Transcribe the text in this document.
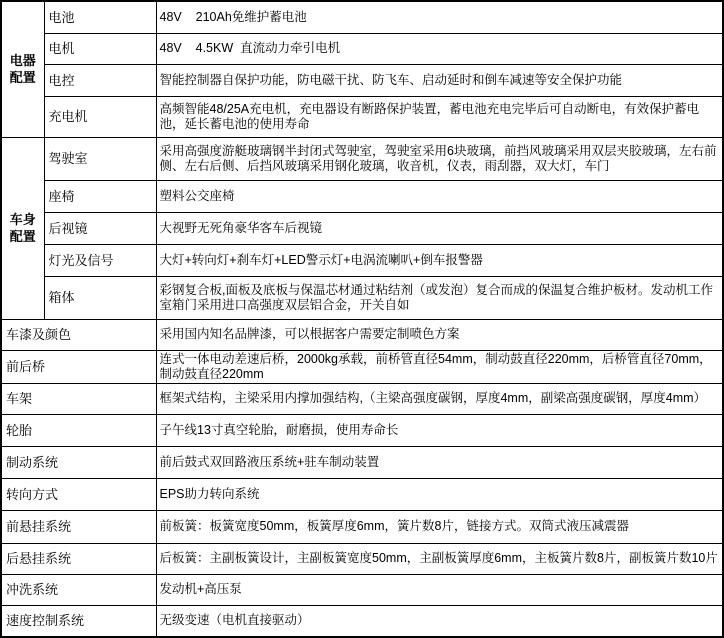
电器配置	电池	48V    210Ah免维护蓄电池
	电机	48V    4.5KW  直流动力牵引电机
	电控	智能控制器自保护功能，防电磁干扰、防飞车、启动延时和倒车减速等安全保护功能
	充电机	高频智能48/25A充电机，充电器设有断路保护装置，蓄电池充电完毕后可自动断电，有效保护蓄电池，延长蓄电池的使用寿命

车身配置	驾驶室	采用高强度游艇玻璃钢半封闭式驾驶室，驾驶室采用6块玻璃，前挡风玻璃采用双层夹胶玻璃，左右前侧、左右后侧、后挡风玻璃采用钢化玻璃，收音机，仪表，雨刮器，双大灯，车门
	座椅	塑料公交座椅
	后视镜	大视野无死角豪华客车后视镜
	灯光及信号	大灯+转向灯+刹车灯+LED警示灯+电涡流喇叭+倒车报警器
	箱体	彩钢复合板,面板及底板与保温芯材通过粘结剂（或发泡）复合而成的保温复合维护板材。发动机工作室箱门采用进口高强度双层铝合金，开关自如
车漆及颜色		采用国内知名品牌漆，可以根据客户需要定制喷色方案
前后桥		连式一体电动差速后桥，2000kg承载，前桥管直径54mm，制动鼓直径220mm，后桥管直径70mm，制动鼓直径220mm
车架		框架式结构，主梁采用内撑加强结构,（主梁高强度碳钢，厚度4mm，副梁高强度碳钢，厚度4mm）
轮胎		子午线13寸真空轮胎，耐磨损，使用寿命长
制动系统		前后鼓式双回路液压系统+驻车制动装置
转向方式		EPS助力转向系统
前悬挂系统		前板簧：板簧宽度50mm，板簧厚度6mm，簧片数8片，链接方式。双筒式液压减震器
后悬挂系统		后板簧：主副板簧设计，主副板簧宽度50mm，主副板簧厚度6mm，主板簧片数8片，副板簧片数10片
冲洗系统		发动机+高压泵
速度控制系统		无级变速（电机直接驱动）
